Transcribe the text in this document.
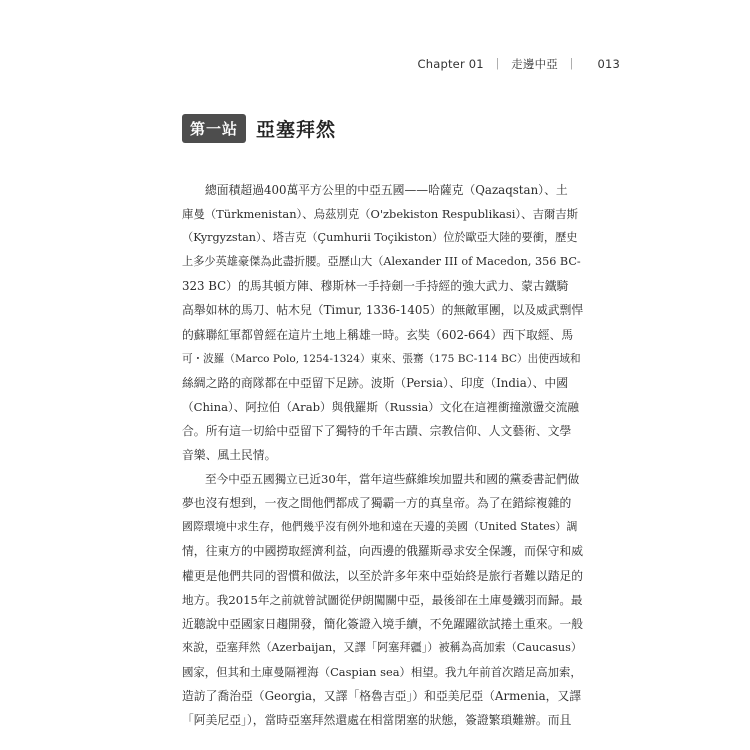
Chapter 01 ｜ 走邊中亞 ｜ 013
第一站 亞塞拜然
總面積超過400萬平方公里的中亞五國——哈薩克（Qazaqstan）、土
庫曼（Türkmenistan）、烏茲別克（O'zbekiston Respublikasi）、吉爾吉斯
（Kyrgyzstan）、塔吉克（Çumhurii Toçikiston）位於歐亞大陸的要衝，歷史
上多少英雄豪傑為此盡折腰。亞歷山大（Alexander III of Macedon, 356 BC-
323 BC）的馬其頓方陣、穆斯林一手持劍一手持經的強大武力、蒙古鐵騎
高舉如林的馬刀、帖木兒（Timur, 1336-1405）的無敵軍團，以及威武剽悍
的蘇聯紅軍都曾經在這片土地上稱雄一時。玄奘（602-664）西下取經、馬
可・波羅（Marco Polo, 1254-1324）東來、張騫（175 BC-114 BC）出使西域和
絲綢之路的商隊都在中亞留下足跡。波斯（Persia）、印度（India）、中國
（China）、阿拉伯（Arab）與俄羅斯（Russia）文化在這裡衝撞激盪交流融
合。所有這一切給中亞留下了獨特的千年古蹟、宗教信仰、人文藝術、文學
音樂、風土民情。
至今中亞五國獨立已近30年，當年這些蘇維埃加盟共和國的黨委書記們做
夢也沒有想到，一夜之間他們都成了獨霸一方的真皇帝。為了在錯綜複雜的
國際環境中求生存，他們幾乎沒有例外地和遠在天邊的美國（United States）調
情，往東方的中國撈取經濟利益，向西邊的俄羅斯尋求安全保護，而保守和威
權更是他們共同的習慣和做法，以至於許多年來中亞始終是旅行者難以踏足的
地方。我2015年之前就曾試圖從伊朗闖關中亞，最後卻在土庫曼鐵羽而歸。最
近聽說中亞國家日趨開發，簡化簽證入境手續，不免躍躍欲試捲土重來。一般
來說，亞塞拜然（Azerbaijan，又譯「阿塞拜疆」）被稱為高加索（Caucasus）
國家，但其和土庫曼隔裡海（Caspian sea）相望。我九年前首次踏足高加索，
造訪了喬治亞（Georgia，又譯「格魯吉亞」）和亞美尼亞（Armenia，又譯
「阿美尼亞」），當時亞塞拜然還處在相當閉塞的狀態，簽證繁瑣難辦。而且
